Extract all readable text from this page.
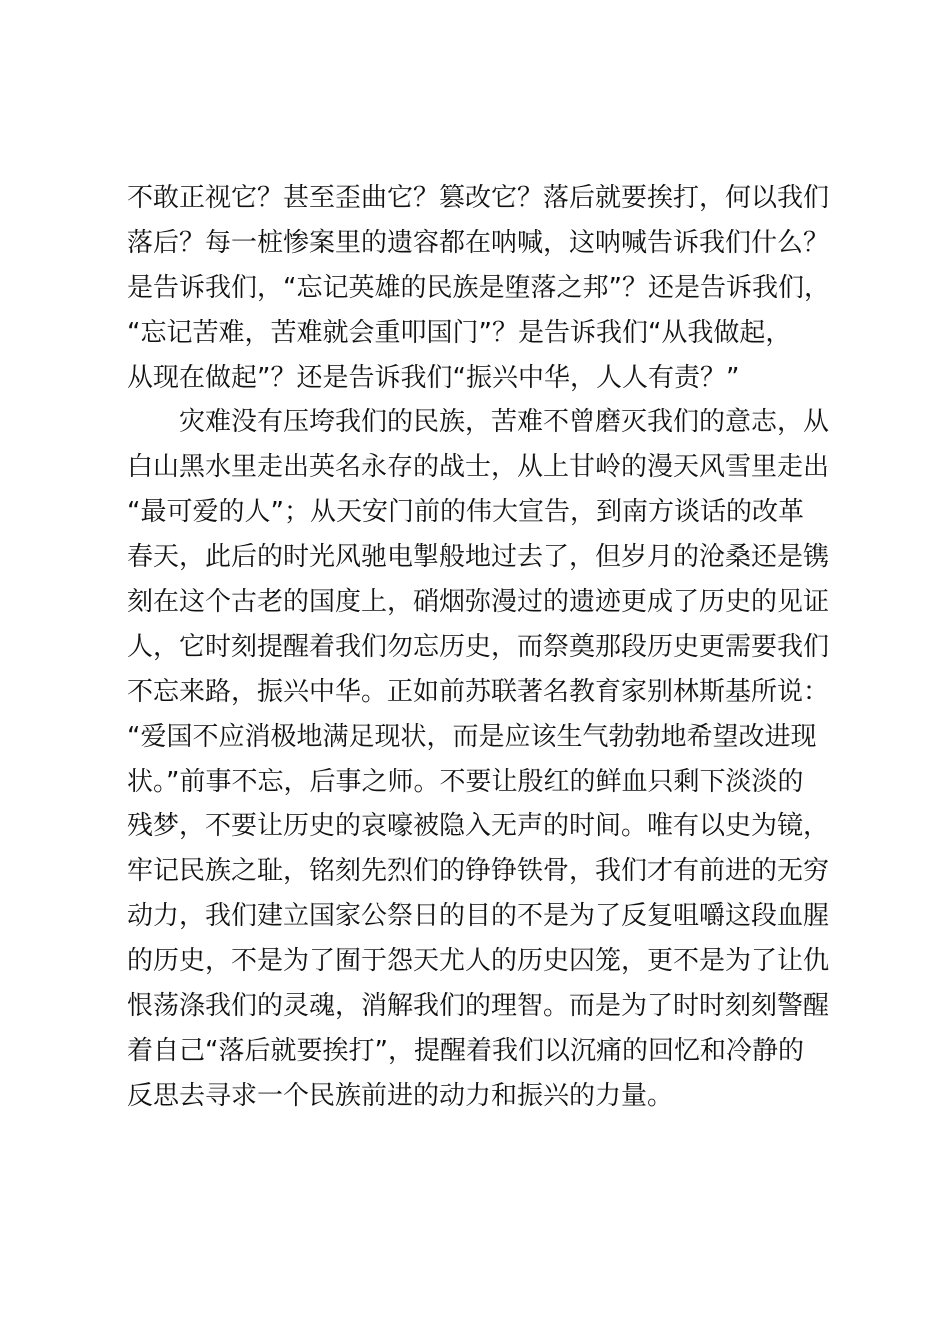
不敢正视它？甚至歪曲它？篡改它？落后就要挨打，何以我们
落后？每一桩惨案里的遗容都在呐喊，这呐喊告诉我们什么？
是告诉我们，“忘记英雄的民族是堕落之邦”？还是告诉我们，
“忘记苦难，苦难就会重叩国门”？是告诉我们“从我做起，
从现在做起”？还是告诉我们“振兴中华，人人有责？”
灾难没有压垮我们的民族，苦难不曾磨灭我们的意志，从
白山黑水里走出英名永存的战士，从上甘岭的漫天风雪里走出
“最可爱的人”；从天安门前的伟大宣告，到南方谈话的改革
春天，此后的时光风驰电掣般地过去了，但岁月的沧桑还是镌
刻在这个古老的国度上，硝烟弥漫过的遗迹更成了历史的见证
人，它时刻提醒着我们勿忘历史，而祭奠那段历史更需要我们
不忘来路，振兴中华。正如前苏联著名教育家别林斯基所说：
“爱国不应消极地满足现状，而是应该生气勃勃地希望改进现
状。”前事不忘，后事之师。不要让殷红的鲜血只剩下淡淡的
残梦，不要让历史的哀嚎被隐入无声的时间。唯有以史为镜，
牢记民族之耻，铭刻先烈们的铮铮铁骨，我们才有前进的无穷
动力，我们建立国家公祭日的目的不是为了反复咀嚼这段血腥
的历史，不是为了囿于怨天尤人的历史囚笼，更不是为了让仇
恨荡涤我们的灵魂，消解我们的理智。而是为了时时刻刻警醒
着自己“落后就要挨打”，提醒着我们以沉痛的回忆和冷静的
反思去寻求一个民族前进的动力和振兴的力量。
